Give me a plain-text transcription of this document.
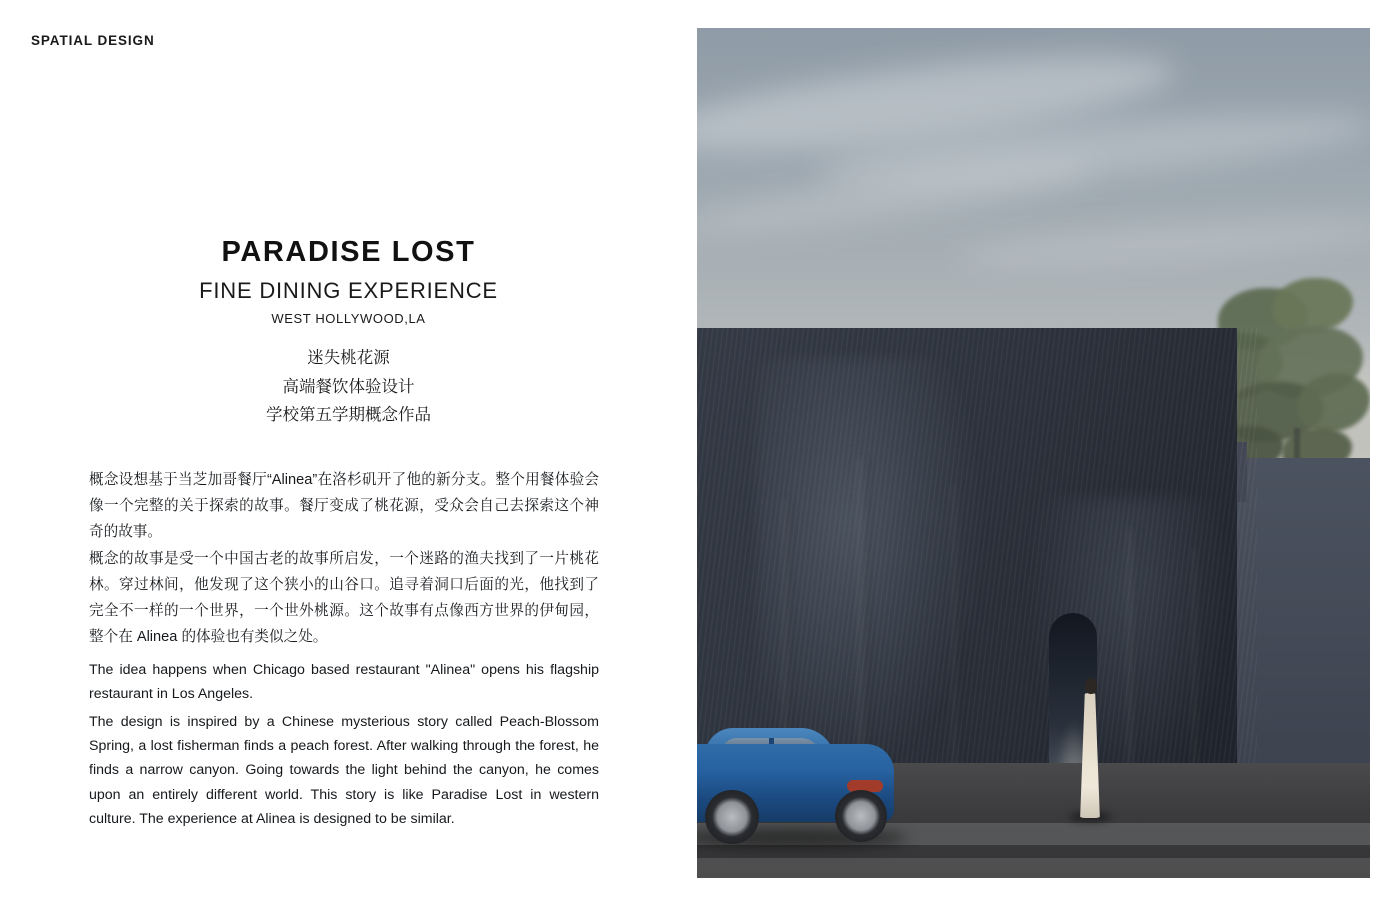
SPATIAL DESIGN
PARADISE LOST
FINE DINING EXPERIENCE
WEST HOLLYWOOD,LA
迷失桃花源
高端餐饮体验设计
学校第五学期概念作品

概念设想基于当芝加哥餐厅“Alinea”在洛杉矶开了他的新分支。整个用餐体验会像一个完整的关于探索的故事。餐厅变成了桃花源，受众会自己去探索这个神奇的故事。

概念的故事是受一个中国古老的故事所启发，一个迷路的渔夫找到了一片桃花林。穿过林间，他发现了这个狭小的山谷口。追寻着洞口后面的光，他找到了完全不一样的一个世界，一个世外桃源。这个故事有点像西方世界的伊甸园，整个在 Alinea 的体验也有类似之处。

The idea happens when Chicago based restaurant "Alinea" opens his flagship restaurant in Los Angeles.

The design is inspired by a Chinese mysterious story called Peach-Blossom Spring, a lost fisherman finds a peach forest. After walking through the forest, he finds a narrow canyon. Going towards the light behind the canyon, he comes upon an entirely different world. This story is like Paradise Lost in western culture. The experience at Alinea is designed to be similar.
